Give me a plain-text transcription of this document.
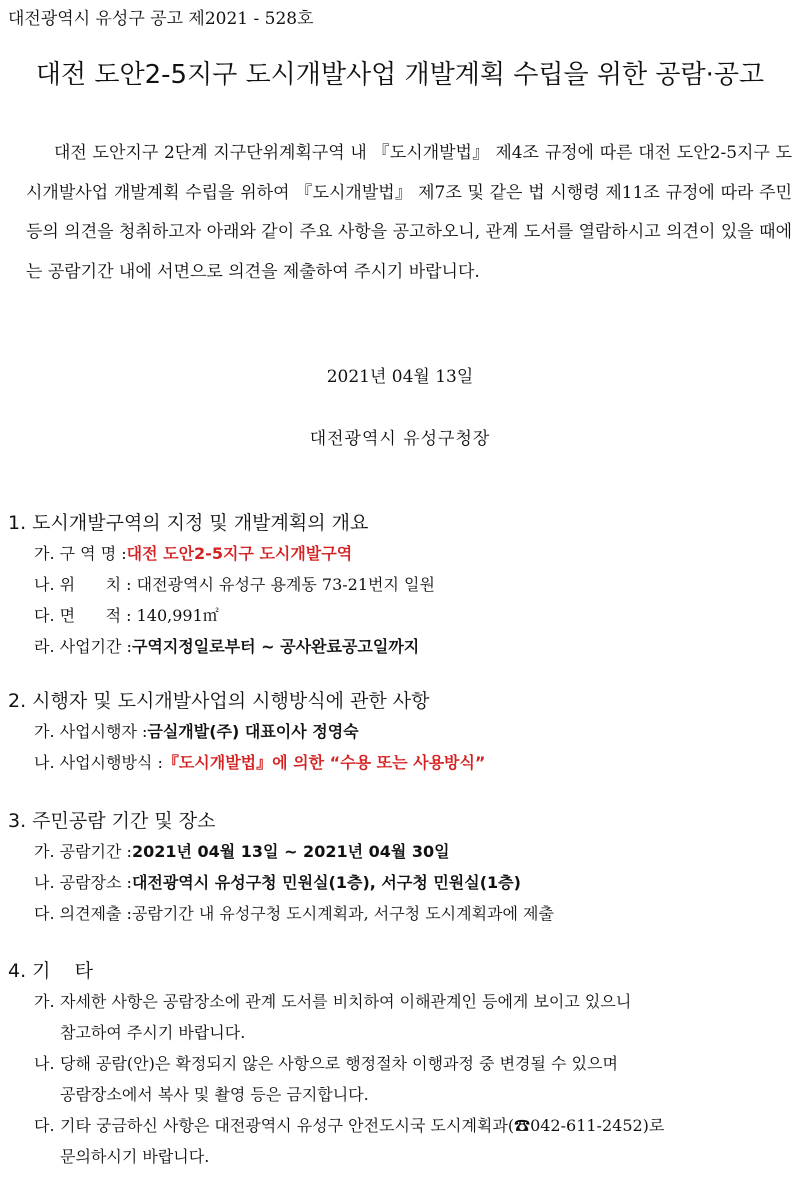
대전광역시 유성구 공고 제2021 - 528호
대전 도안2-5지구 도시개발사업 개발계획 수립을 위한 공람·공고
대전 도안지구 2단계 지구단위계획구역 내 『도시개발법』 제4조 규정에 따른 대전 도안2-5지구 도시개발사업 개발계획 수립을 위하여 『도시개발법』 제7조 및 같은 법 시행령 제11조 규정에 따라 주민 등의 의견을 청취하고자 아래와 같이 주요 사항을 공고하오니, 관계 도서를 열람하시고 의견이 있을 때에는 공람기간 내에 서면으로 의견을 제출하여 주시기 바랍니다.
2021년 04월 13일
대전광역시 유성구청장
1. 도시개발구역의 지정 및 개발계획의 개요
가. 구 역 명 :대전 도안2-5지구 도시개발구역
나. 위      치 : 대전광역시 유성구 용계동 73-21번지 일원
다. 면      적 : 140,991㎡
라. 사업기간 :구역지정일로부터 ~ 공사완료공고일까지
2. 시행자 및 도시개발사업의 시행방식에 관한 사항
가. 사업시행자 :금실개발(주) 대표이사 정영숙
나. 사업시행방식 :『도시개발법』에 의한 “수용 또는 사용방식”
3. 주민공람 기간 및 장소
가. 공람기간 :2021년 04월 13일 ~ 2021년 04월 30일
나. 공람장소 :대전광역시 유성구청 민원실(1층), 서구청 민원실(1층)
다. 의견제출 :공람기간 내 유성구청 도시계획과, 서구청 도시계획과에 제출
4. 기    타
가. 자세한 사항은 공람장소에 관계 도서를 비치하여 이해관계인 등에게 보이고 있으니
참고하여 주시기 바랍니다.
나. 당해 공람(안)은 확정되지 않은 사항으로 행정절차 이행과정 중 변경될 수 있으며
공람장소에서 복사 및 촬영 등은 금지합니다.
다. 기타 궁금하신 사항은 대전광역시 유성구 안전도시국 도시계획과(☎042-611-2452)로
문의하시기 바랍니다.
